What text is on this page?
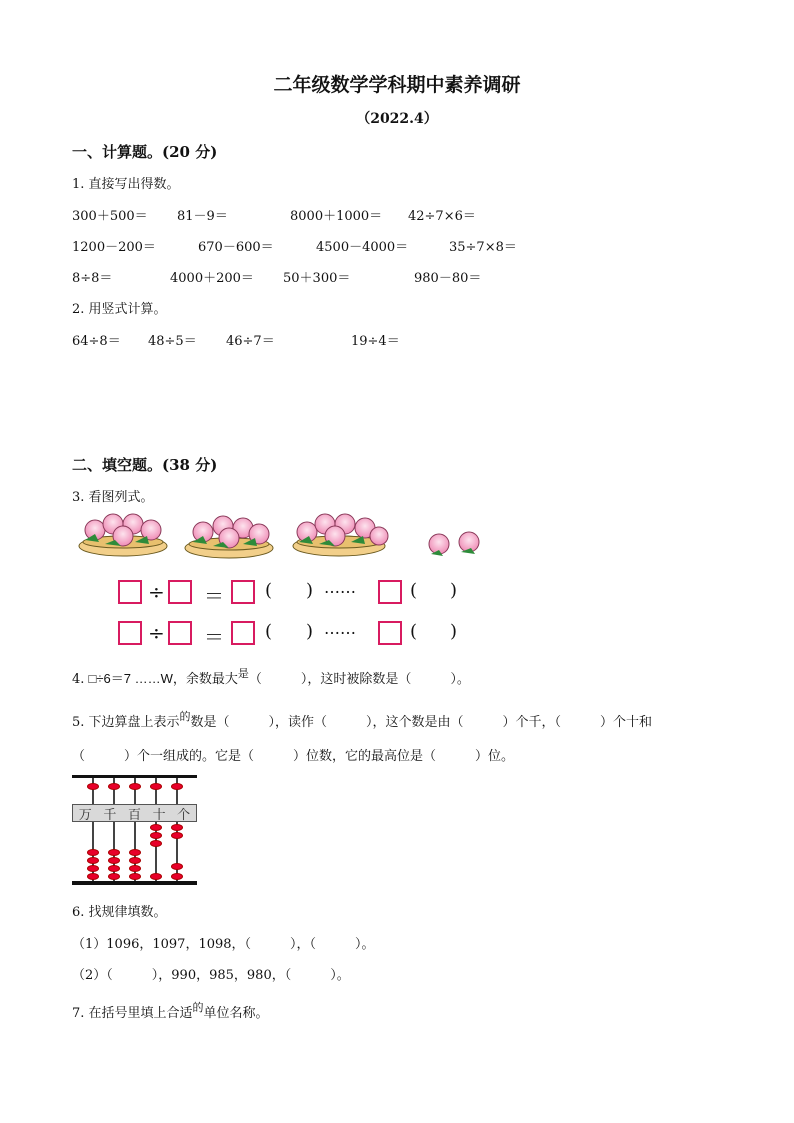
二年级数学学科期中素养调研
（2022.4）
一、计算题。(20 分)
1. 直接写出得数。
300＋500＝ 81－9＝	8000＋1000＝ 42÷7×6＝
1200－200＝	670－600＝	4500－4000＝	35÷7×8＝
8÷8＝	4000＋200＝ 50＋300＝	980－80＝
2. 用竖式计算。
64÷8＝ 48÷5＝ 46÷7＝	19÷4＝
二、填空题。(38 分)
3. 看图列式。
÷ ＝ ( ) ……	( )
÷ ＝ ( ) ……	( )
4. □÷6＝7 ……W，余数最大$^是$（　　　），这时被除数是（　　　）。
5. 下边算盘上表示$^的$数是（　　　），读作（　　　），这个数是由（　　　）个千，（　　　）个十和
（　　　）个一组成的。它是（　　　）位数，它的最高位是（　　　）位。
万 千 百 十 个
6. 找规律填数。
（1）1096，1097，1098，（　　　），（　　　）。
（2）（　　　），990，985，980，（　　　）。
7. 在括号里填上合适$^的$单位名称。
